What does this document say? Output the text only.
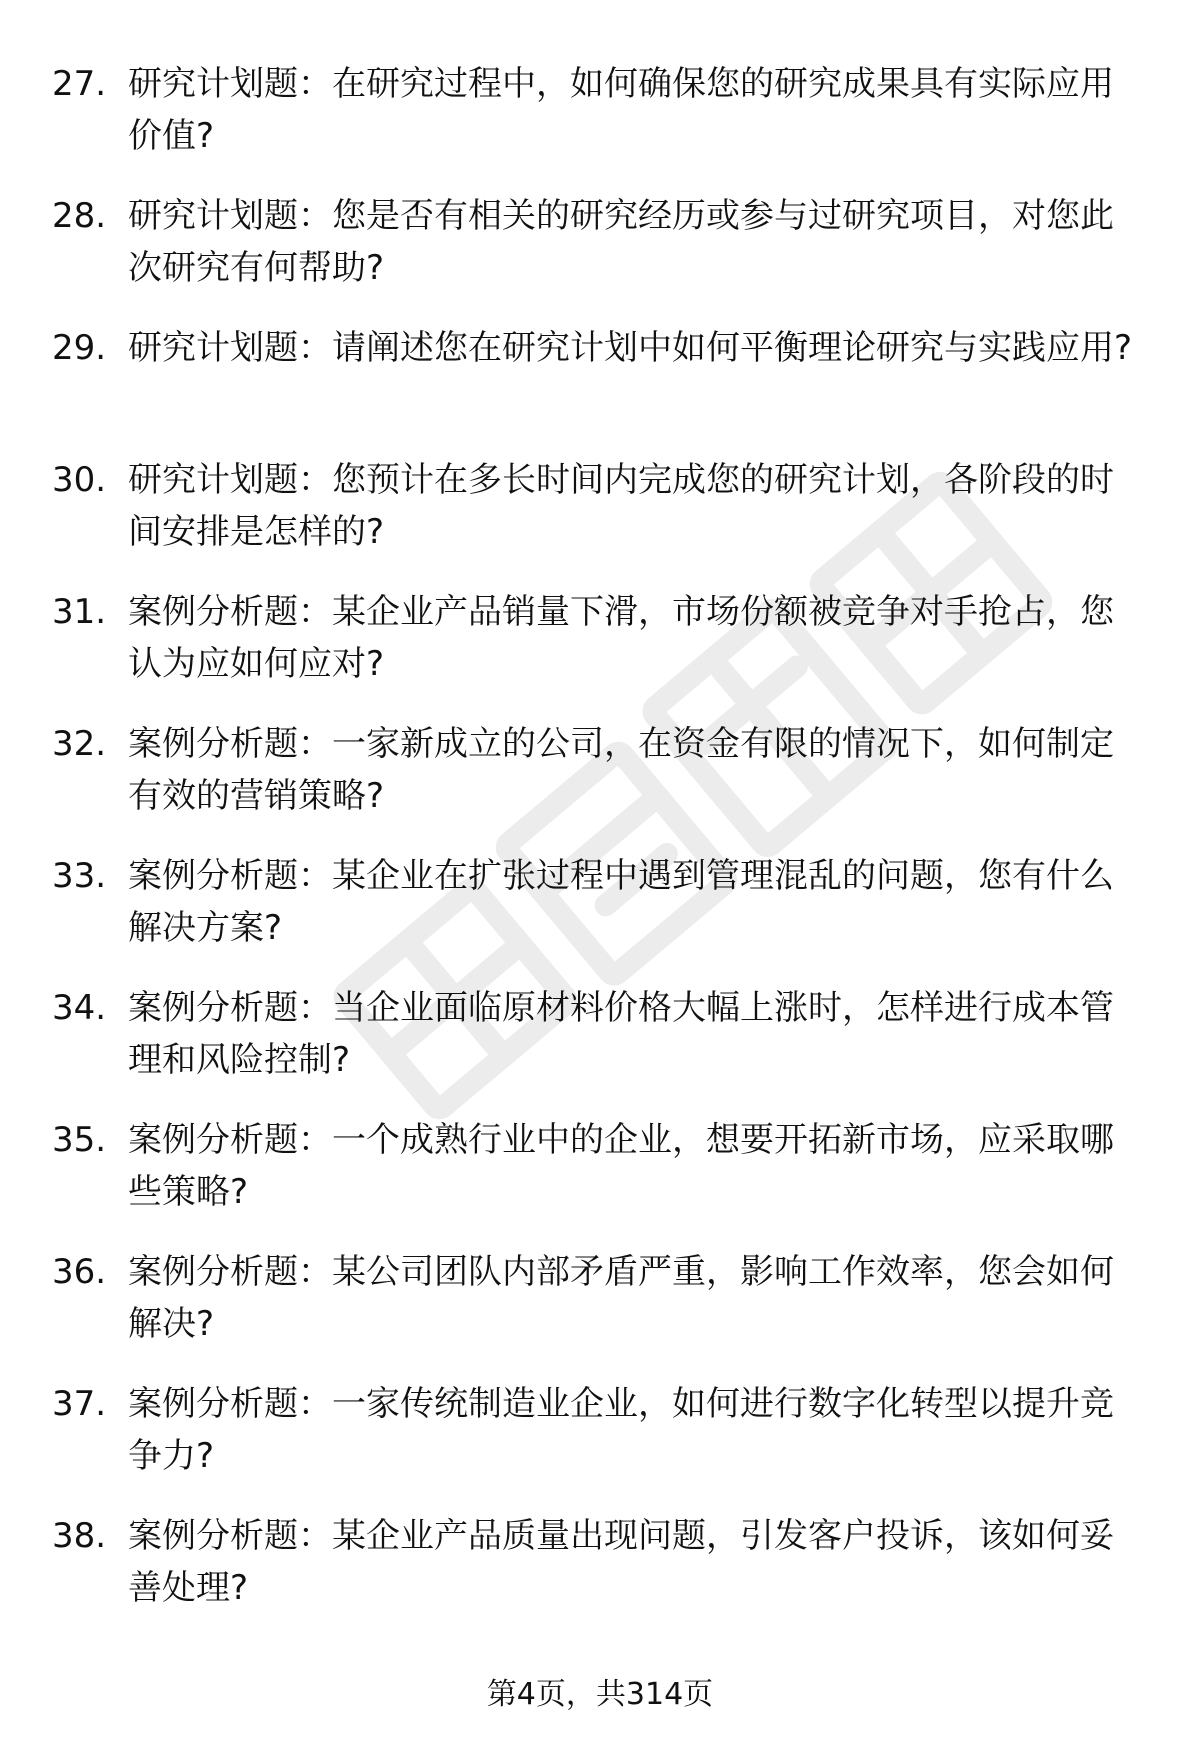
27. 研究计划题：在研究过程中，如何确保您的研究成果具有实际应用价值?
28. 研究计划题：您是否有相关的研究经历或参与过研究项目，对您此次研究有何帮助?
29. 研究计划题：请阐述您在研究计划中如何平衡理论研究与实践应用?
30. 研究计划题：您预计在多长时间内完成您的研究计划，各阶段的时间安排是怎样的?
31. 案例分析题：某企业产品销量下滑，市场份额被竞争对手抢占，您认为应如何应对?
32. 案例分析题：一家新成立的公司，在资金有限的情况下，如何制定有效的营销策略?
33. 案例分析题：某企业在扩张过程中遇到管理混乱的问题，您有什么解决方案?
34. 案例分析题：当企业面临原材料价格大幅上涨时，怎样进行成本管理和风险控制?
35. 案例分析题：一个成熟行业中的企业，想要开拓新市场，应采取哪些策略?
36. 案例分析题：某公司团队内部矛盾严重，影响工作效率，您会如何解决?
37. 案例分析题：一家传统制造业企业，如何进行数字化转型以提升竞争力?
38. 案例分析题：某企业产品质量出现问题，引发客户投诉，该如何妥善处理?
第4页，共314页
